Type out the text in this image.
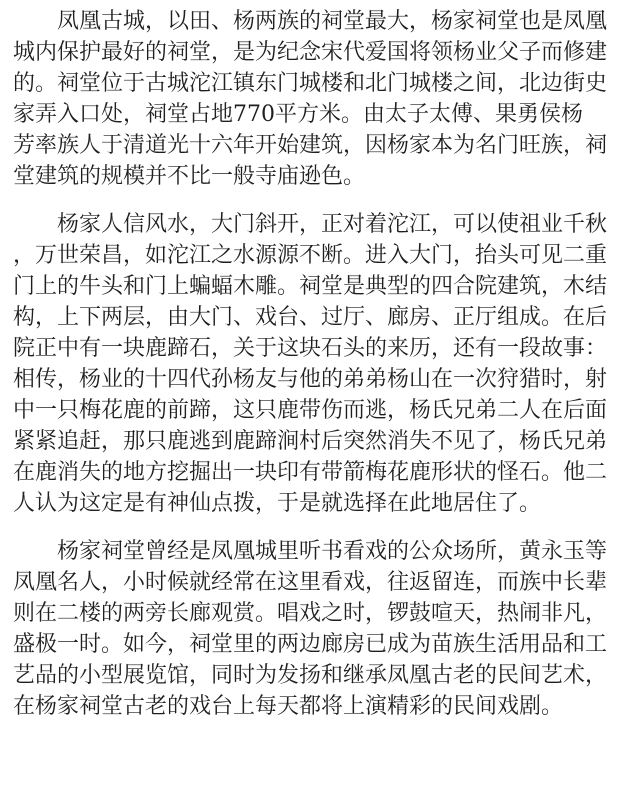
凤凰古城，以田、杨两族的祠堂最大，杨家祠堂也是凤凰
城内保护最好的祠堂，是为纪念宋代爱国将领杨业父子而修建
的。祠堂位于古城沱江镇东门城楼和北门城楼之间，北边街史
家弄入口处，祠堂占地770平方米。由太子太傅、果勇侯杨
芳率族人于清道光十六年开始建筑，因杨家本为名门旺族，祠
堂建筑的规模并不比一般寺庙逊色。
杨家人信风水，大门斜开，正对着沱江，可以使祖业千秋
，万世荣昌，如沱江之水源源不断。进入大门，抬头可见二重
门上的牛头和门上蝙蝠木雕。祠堂是典型的四合院建筑，木结
构，上下两层，由大门、戏台、过厅、廊房、正厅组成。在后
院正中有一块鹿蹄石，关于这块石头的来历，还有一段故事：
相传，杨业的十四代孙杨友与他的弟弟杨山在一次狩猎时，射
中一只梅花鹿的前蹄，这只鹿带伤而逃，杨氏兄弟二人在后面
紧紧追赶，那只鹿逃到鹿蹄涧村后突然消失不见了，杨氏兄弟
在鹿消失的地方挖掘出一块印有带箭梅花鹿形状的怪石。他二
人认为这定是有神仙点拨，于是就选择在此地居住了。
杨家祠堂曾经是凤凰城里听书看戏的公众场所，黄永玉等
凤凰名人，小时候就经常在这里看戏，往返留连，而族中长辈
则在二楼的两旁长廊观赏。唱戏之时，锣鼓喧天，热闹非凡，
盛极一时。如今，祠堂里的两边廊房已成为苗族生活用品和工
艺品的小型展览馆，同时为发扬和继承凤凰古老的民间艺术，
在杨家祠堂古老的戏台上每天都将上演精彩的民间戏剧。
